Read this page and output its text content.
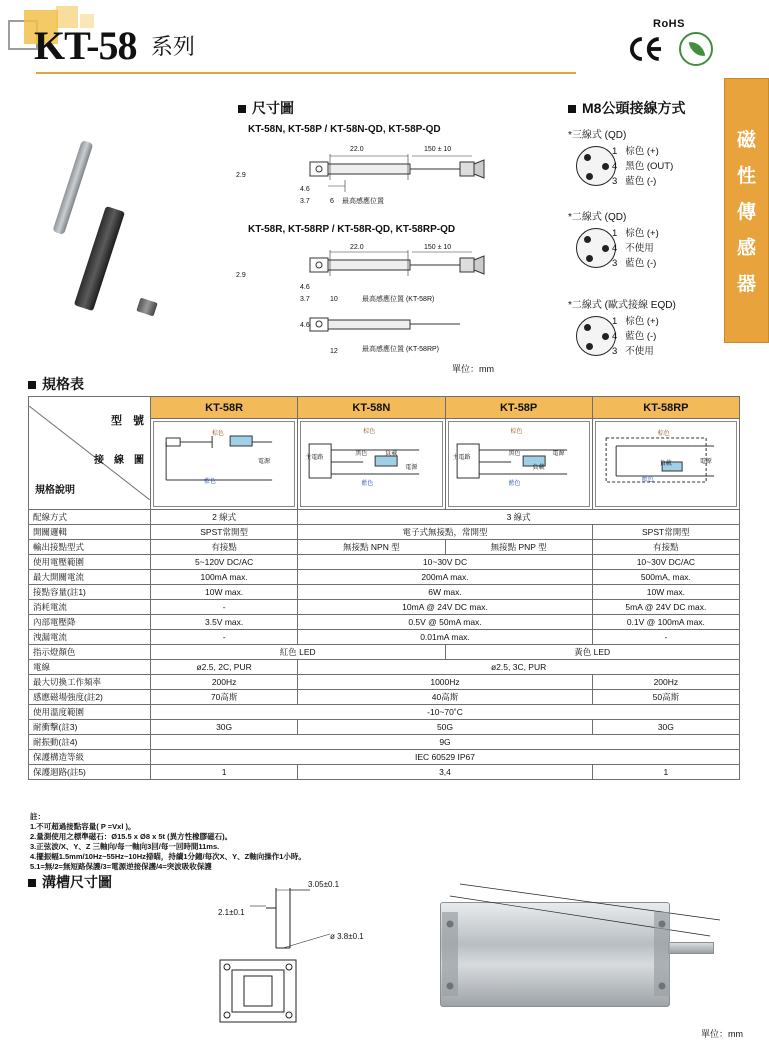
KT-58 系列
RoHS
磁
性
傳
感
器
尺寸圖
KT-58N, KT-58P / KT-58N-QD, KT-58P-QD
KT-58R, KT-58RP / KT-58R-QD, KT-58RP-QD
22.0	150 ± 10
2.9
4.6
3.7	6 最高感應位置
22.0	150 ± 10
2.9
4.6
3.7	10	最高感應位置 (KT-58R)
4.6
12	最高感應位置 (KT-58RP)
單位：mm
M8公頭接線方式
*三線式 (QD)
1 棕色 (+)
4 黑色 (OUT)
3 藍色 (-)
*二線式 (QD)
1 棕色 (+)
4 不使用
3 藍色 (-)
*二線式 (歐式接線 EQD)
1 棕色 (+)
4 藍色 (-)
3 不使用
規格表
型　號
接　線　圖
規格說明	KT-58R	KT-58N	KT-58P	KT-58RP

棕色
藍色
電源

棕色
黑色
藍色
主電路
負載
電源

棕色
黑色
藍色
主電路
負載
電源

棕色
藍色
負載	電源

配線方式	2 線式	3 線式		
開關邏輯	SPST常開型	電子式無接點，常開型		SPST常開型
輸出接點型式	有接點	無接點 NPN 型	無接點 PNP 型	有接點
使用電壓範圍	5~120V DC/AC	10~30V DC		10~30V DC/AC
最大開關電流	100mA max.	200mA max.		500mA, max.
接點容量(註1)	10W max.	6W max.		10W max.
消耗電流	-	10mA @ 24V DC max.		5mA @ 24V DC max.
內部電壓降	3.5V max.	0.5V @ 50mA max.		0.1V @ 100mA max.
洩漏電流	-	0.01mA max.		-
指示燈顏色	紅色 LED		黃色 LED	
電線	ø2.5, 2C, PUR	ø2.5, 3C, PUR		
最大切換工作頻率	200Hz	1000Hz		200Hz
感應磁場強度(註2)	70高斯	40高斯		50高斯
使用溫度範圍	-10~70˚C			
耐衝擊(註3)	30G	50G		30G
耐振動(註4)	9G			
保護構造等級	IEC 60529 IP67			
保護迴路(註5)	1	3,4		1
註：
1.不可超過接點容量( P =Vxl )。
2.量測使用之標準磁石：Ø15.5 x Ø8 x 5t (異方性橡膠磁石)。
3.正弦波/X、Y、Z 三軸向/每一軸向3回/每一回時間11ms.
4.擺振幅1.5mm/10Hz~55Hz~10Hz掃瞄，持續1分鐘/每次X、Y、Z軸向操作1小時。
5.1=無/2=無短路保護/3=電源逆接保護/4=突波吸收保護
溝槽尺寸圖	3.05±0.1
2.1±0.1
ø 3.8±0.1
單位：mm
